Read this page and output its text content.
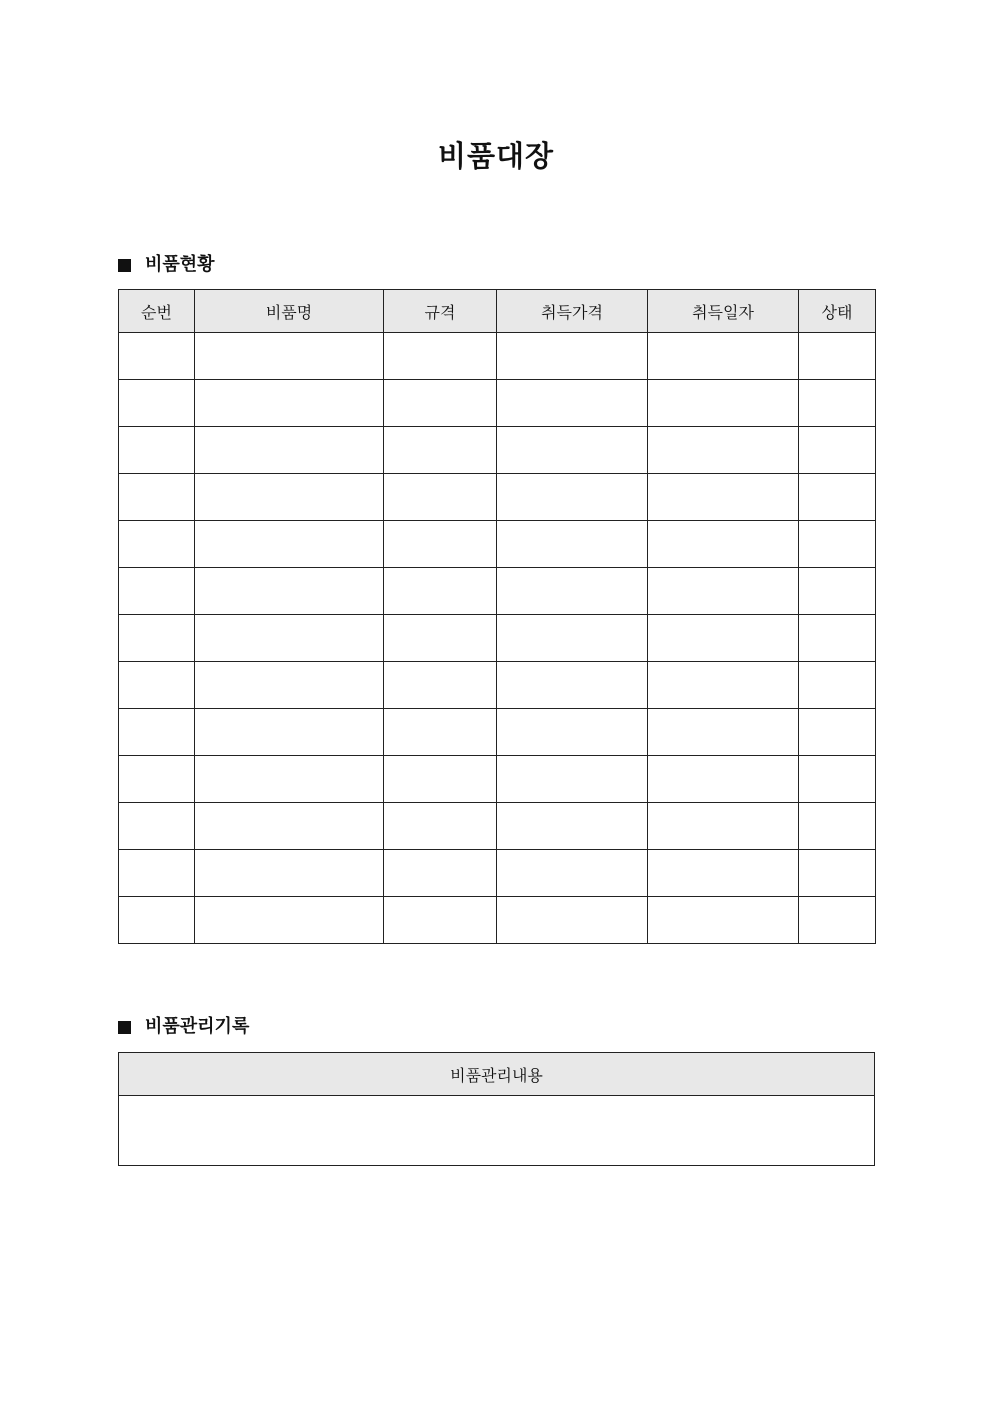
비품대장
비품현황
순번	비품명	규격	취득가격	취득일자	상태

비품관리기록
비품관리내용
